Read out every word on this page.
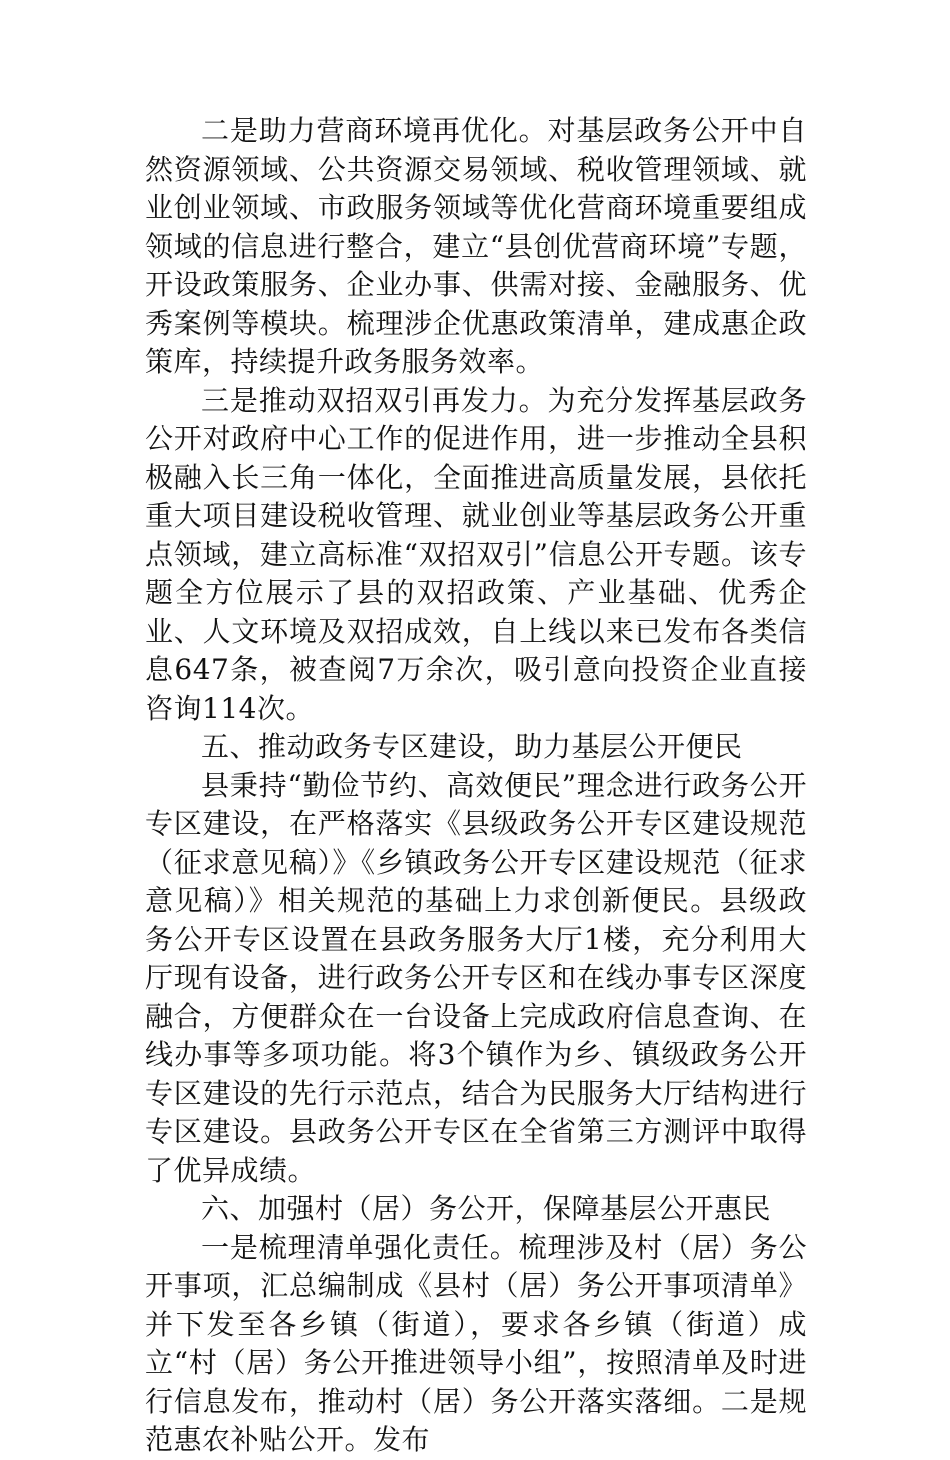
二是助力营商环境再优化。对基层政务公开中自然资源领域、公共资源交易领域、税收管理领域、就业创业领域、市政服务领域等优化营商环境重要组成领域的信息进行整合，建立“县创优营商环境”专题，开设政策服务、企业办事、供需对接、金融服务、优秀案例等模块。梳理涉企优惠政策清单，建成惠企政策库，持续提升政务服务效率。

三是推动双招双引再发力。为充分发挥基层政务公开对政府中心工作的促进作用，进一步推动全县积极融入长三角一体化，全面推进高质量发展，县依托重大项目建设税收管理、就业创业等基层政务公开重点领域，建立高标准“双招双引”信息公开专题。该专题全方位展示了县的双招政策、产业基础、优秀企业、人文环境及双招成效，自上线以来已发布各类信息647条，被查阅7万余次，吸引意向投资企业直接咨询114次。

五、推动政务专区建设，助力基层公开便民

县秉持“勤俭节约、高效便民”理念进行政务公开专区建设，在严格落实《县级政务公开专区建设规范（征求意见稿）》《乡镇政务公开专区建设规范（征求意见稿）》相关规范的基础上力求创新便民。县级政务公开专区设置在县政务服务大厅1楼，充分利用大厅现有设备，进行政务公开专区和在线办事专区深度融合，方便群众在一台设备上完成政府信息查询、在线办事等多项功能。将3个镇作为乡、镇级政务公开专区建设的先行示范点，结合为民服务大厅结构进行专区建设。县政务公开专区在全省第三方测评中取得了优异成绩。

六、加强村（居）务公开，保障基层公开惠民

一是梳理清单强化责任。梳理涉及村（居）务公开事项，汇总编制成《县村（居）务公开事项清单》并下发至各乡镇（街道），要求各乡镇（街道）成立“村（居）务公开推进领导小组”，按照清单及时进行信息发布，推动村（居）务公开落实落细。二是规范惠农补贴公开。发布
